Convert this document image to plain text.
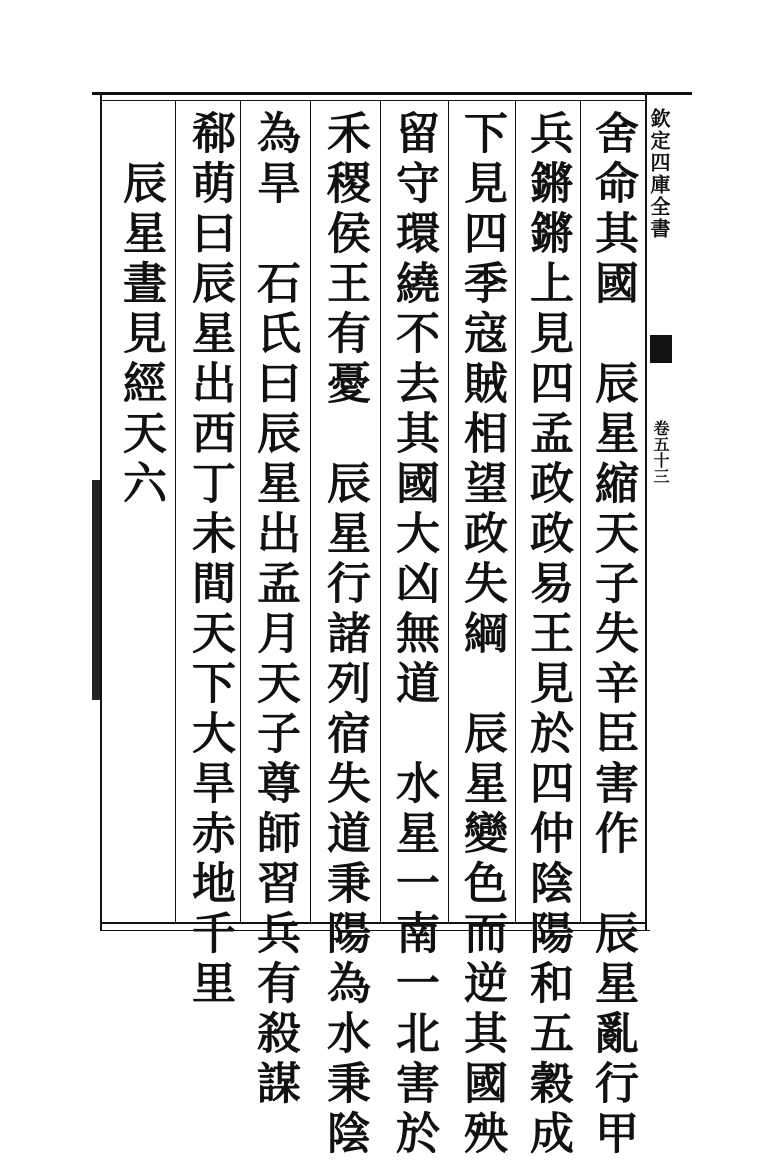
欽定四庫全書
卷五十三
舍命其國　辰星縮天子失辛臣害作　辰星亂行甲
兵鏘鏘上見四孟政政易王見於四仲陰陽和五穀成
下見四季寇賊相望政失綱　辰星變色而逆其國殃
留守環繞不去其國大凶無道　水星一南一北害於
禾稷侯王有憂　辰星行諸列宿失道秉陽為水秉陰
為旱　石氏曰辰星出孟月天子尊師習兵有殺謀
郗萌曰辰星出西丁未間天下大旱赤地千里
　辰星晝見經天六
